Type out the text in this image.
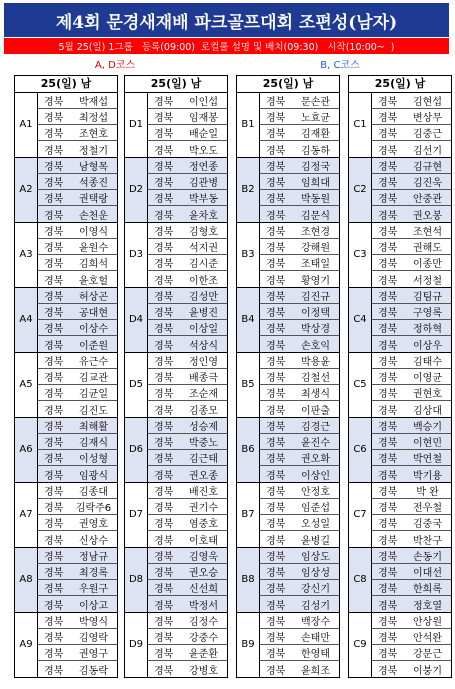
제4회 문경새재배 파크골프대회 조편성(남자)
5월 25(일) 1그룹   등록(09:00)  로컬룰 설명 및 배치(09:30)   시작(10:00~  )
A, D코스	B, C코스
25(일) 남
A1
경북	박재섭
경북	최정섭
경북	조현호
경북	정철기
A2
경북	남형목
경북	석종진
경북	권택랑
경북	손천운
A3
경북	이영식
경북	윤원수
경북	김희석
경북	윤호헐
A4
경북	허상곤
경북	공대현
경북	이상수
경북	이준원
A5
경북	유근수
경북	김교관
경북	김균일
경북	김진도
A6
경북	최해활
경북	김재식
경북	이성형
경북	임광식
A7
경북	김종대
경북	김락주6
경북	권영호
경북	신상수
A8
경북	정남규
경북	최경록
경북	우원구
경북	이상고
A9
경북	박영식
경북	김영락
경북	권영구
경북	김동락
25(일) 남
D1
경북	이인섭
경북	임재봉
경북	배순일
경북	박오도
D2
경북	정연종
경북	김관병
경북	박부동
경북	윤차호
D3
경북	김형호
경북	석지권
경북	김시준
경북	이한조
D4
경북	김성만
경북	윤병진
경북	이상일
경북	석상식
D5
경북	정인영
경북	배종극
경북	조순재
경북	김종모
D6
경북	성승제
경북	박중노
경북	김근태
경북	권오종
D7
경북	배진호
경북	권기수
경북	염중호
경북	이호태
D8
경북	김영욱
경북	권오승
경북	신선희
경북	박정서
D9
경북	김정수
경북	강중수
경북	윤준환
경북	강병호
25(일) 남
B1
경북	문손관
경북	노효균
경북	김재환
경북	김동하
B2
경북	김정국
경북	임희대
경북	박동원
경북	김문식
B3
경북	조현경
경북	강해원
경북	조태일
경북	황영기
B4
경북	김진규
경북	이정택
경북	박상경
경북	손호익
B5
경북	박용윤
경북	김철선
경북	최생식
경북	이판출
B6
경북	김경근
경북	윤진수
경북	권오화
경북	이상인
B7
경북	안정호
경북	임준섭
경북	오성일
경북	윤병길
B8
경북	임상도
경북	임상성
경북	강신기
경북	김성기
B9
경북	백장수
경북	손태만
경북	한영태
경북	윤희조
25(일) 남
C1
경북	김현섭
경북	변상무
경북	김중근
경북	김선기
C2
경북	김규현
경북	김진욱
경북	안중관
경북	권오봉
C3
경북	조현석
경북	권해도
경북	이종만
경북	서정철
C4
경북	김팀규
경북	구영록
경북	정하혁
경북	이상우
C5
경북	김태수
경북	이영균
경북	권현호
경북	김상대
C6
경북	백승기
경북	이현민
경북	박연철
경북	박기용
C7
경북	박 완
경북	전우철
경북	김중국
경북	박찬구
C8
경북	손동기
경북	이대선
경북	한희록
경북	정호열
C9
경북	안상원
경북	안석완
경북	강문근
경북	이붕기
